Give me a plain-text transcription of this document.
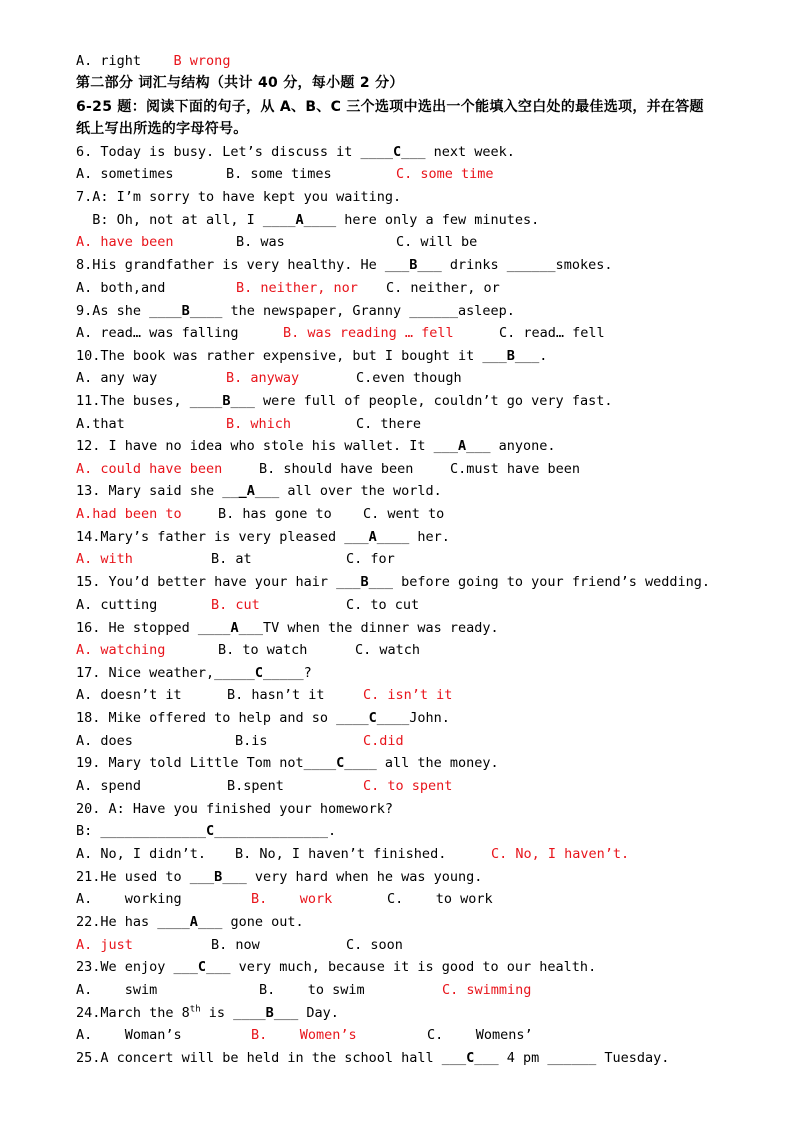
A. right    B wrong
第二部分 词汇与结构（共计 40 分，每小题 2 分）
6-25 题：阅读下面的句子，从 A、B、C 三个选项中选出一个能填入空白处的最佳选项，并在答题
纸上写出所选的字母符号。
6. Today is busy. Let’s discuss it ____C___ next week.
A. sometimes	B. some times	C. some time
7.A: I’m sorry to have kept you waiting.
B: Oh, not at all, I ____A____ here only a few minutes.
A. have been	B. was	C. will be
8.His grandfather is very healthy. He ___B___ drinks ______smokes.
A. both,and	B. neither, nor C. neither, or
9.As she ____B____ the newspaper, Granny ______asleep.
A. read… was falling	B. was reading … fell	C. read… fell
10.The book was rather expensive, but I bought it ___B___.
A. any way	B. anyway	C.even though
11.The buses, ____B___ were full of people, couldn’t go very fast.
A.that	B. which	C. there
12. I have no idea who stole his wallet. It ___A___ anyone.
A. could have been	B. should have been	C.must have been
13. Mary said she ___A___ all over the world.
A.had been to	B. has gone to C. went to
14.Mary’s father is very pleased ___A____ her.
A. with	B. at	C. for
15. You’d better have your hair ___B___ before going to your friend’s wedding.
A. cutting	B. cut	C. to cut
16. He stopped ____A___TV when the dinner was ready.
A. watching	B. to watch	C. watch
17. Nice weather,_____C_____?
A. doesn’t it	B. hasn’t it	C. isn’t it
18. Mike offered to help and so ____C____John.
A. does	B.is	C.did
19. Mary told Little Tom not____C____ all the money.
A. spend	B.spent	C. to spent
20. A: Have you finished your homework?
B: _____________C______________.
A. No, I didn’t. B. No, I haven’t finished.	C. No, I haven’t.
21.He used to ___B___ very hard when he was young.
A.    working	B.    work	C.    to work
22.He has ____A___ gone out.
A. just	B. now	C. soon
23.We enjoy ___C___ very much, because it is good to our health.
A.    swim	B.    to swim	C. swimming
24.March the 8th is ____B___ Day.
A.    Woman’s	B.    Women’s	C.    Womens’
25.A concert will be held in the school hall ___C___ 4 pm ______ Tuesday.
